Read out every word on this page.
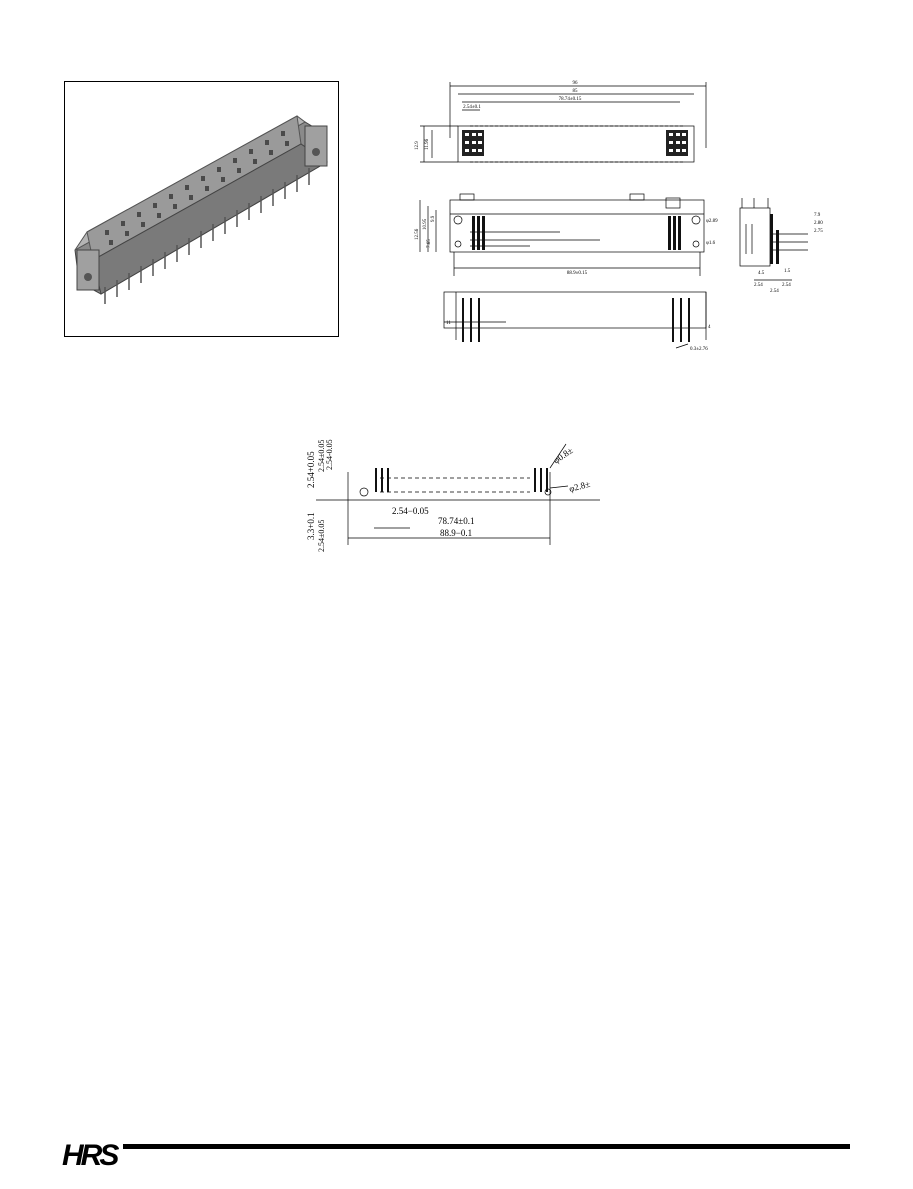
96
85
78.74±0.15
2.54±0.1
12.9 11.96
12.56
10.95 9.9
7.65
φ2.89
φ1.6
88.9±0.15
7.9
4.5
2.54	2.54
1.5
2.54
2.80
2.75
11
4
0.3±2.76
2.54+0.05 2.54±0.05 2.54-0.05
3.3+0.1 2.54±0.05
2.54−0.05
78.74±0.1
88.9−0.1
φ0.8±
φ2.8±
HRS
